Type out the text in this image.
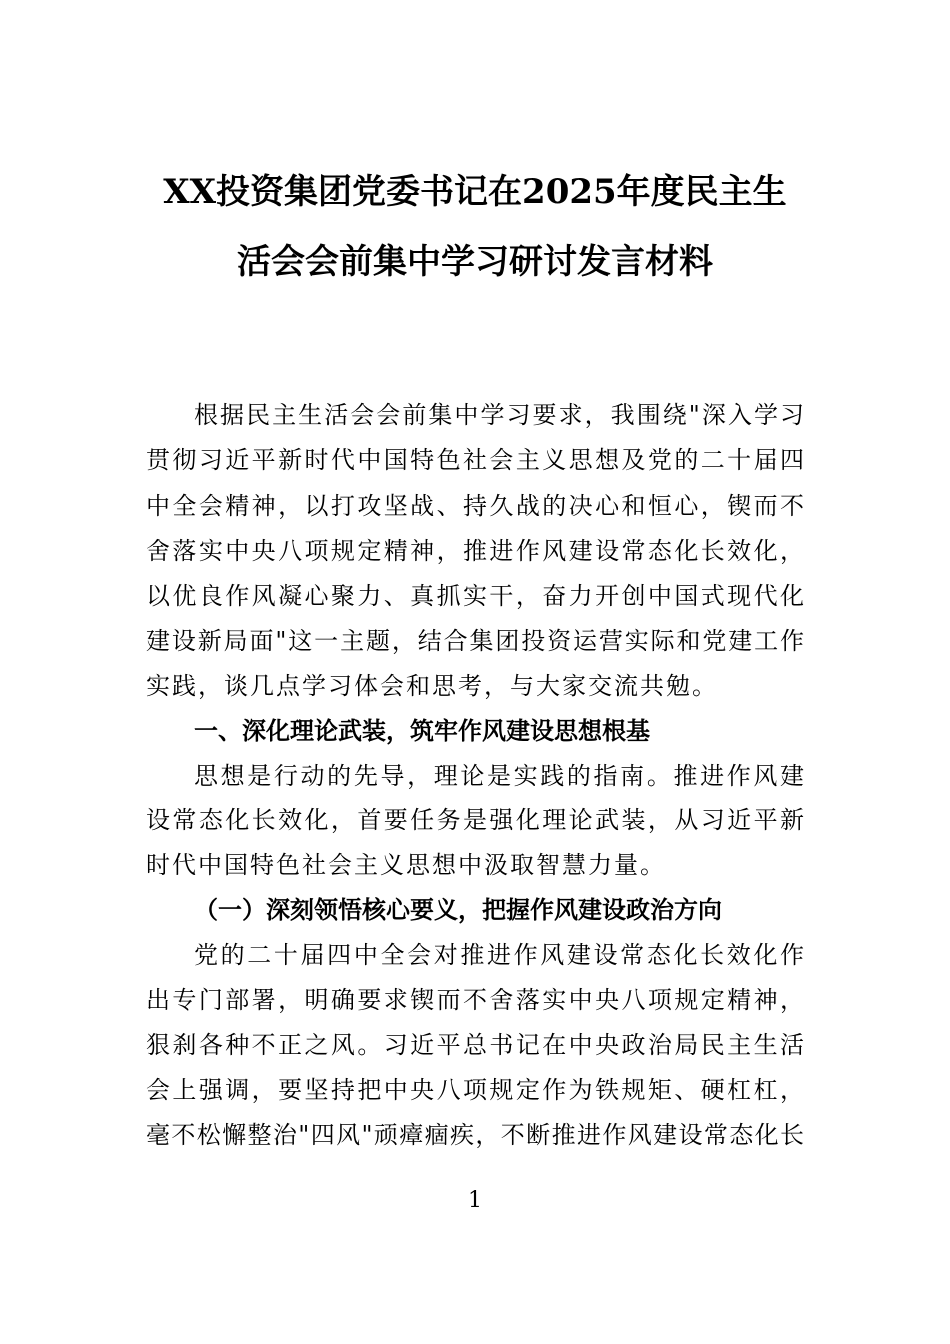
XX投资集团党委书记在2025年度民主生
活会会前集中学习研讨发言材料
根据民主生活会会前集中学习要求，我围绕"深入学习
贯彻习近平新时代中国特色社会主义思想及党的二十届四
中全会精神，以打攻坚战、持久战的决心和恒心，锲而不
舍落实中央八项规定精神，推进作风建设常态化长效化，
以优良作风凝心聚力、真抓实干，奋力开创中国式现代化
建设新局面"这一主题，结合集团投资运营实际和党建工作
实践，谈几点学习体会和思考，与大家交流共勉。
一、深化理论武装，筑牢作风建设思想根基
思想是行动的先导，理论是实践的指南。推进作风建
设常态化长效化，首要任务是强化理论武装，从习近平新
时代中国特色社会主义思想中汲取智慧力量。
（一）深刻领悟核心要义，把握作风建设政治方向
党的二十届四中全会对推进作风建设常态化长效化作
出专门部署，明确要求锲而不舍落实中央八项规定精神，
狠刹各种不正之风。习近平总书记在中央政治局民主生活
会上强调，要坚持把中央八项规定作为铁规矩、硬杠杠，
毫不松懈整治"四风"顽瘴痼疾，不断推进作风建设常态化长
1
